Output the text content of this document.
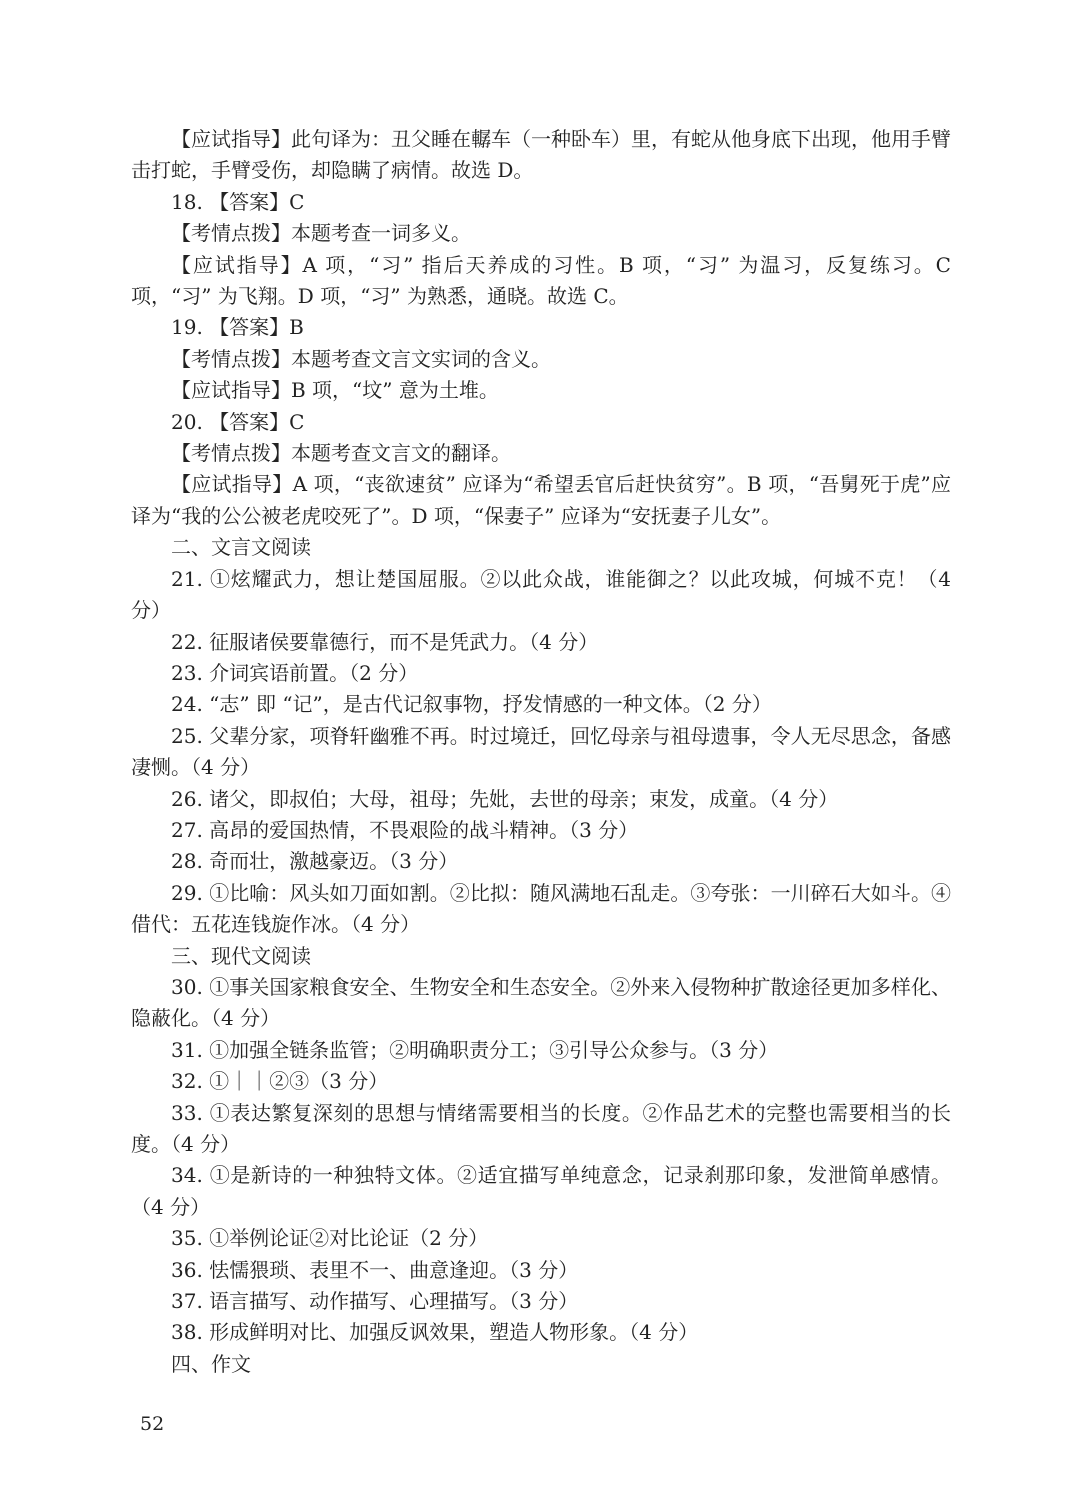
【应试指导】此句译为：丑父睡在轏车（一种卧车）里，有蛇从他身底下出现，他用手臂击打蛇，手臂受伤，却隐瞒了病情。故选 D。

18. 【答案】C

【考情点拨】本题考查一词多义。

【应试指导】A 项，“习” 指后天养成的习性。B 项，“习” 为温习，反复练习。C 项，“习” 为飞翔。D 项，“习” 为熟悉，通晓。故选 C。

19. 【答案】B

【考情点拨】本题考查文言文实词的含义。

【应试指导】B 项，“坟” 意为土堆。

20. 【答案】C

【考情点拨】本题考查文言文的翻译。

【应试指导】A 项，“丧欲速贫” 应译为“希望丢官后赶快贫穷”。B 项，“吾舅死于虎”应译为“我的公公被老虎咬死了”。D 项，“保妻子” 应译为“安抚妻子儿女”。

二、文言文阅读

21. ①炫耀武力，想让楚国屈服。②以此众战，谁能御之？以此攻城，何城不克！（4 分）

22. 征服诸侯要靠德行，而不是凭武力。（4 分）

23. 介词宾语前置。（2 分）

24. “志” 即 “记”，是古代记叙事物，抒发情感的一种文体。（2 分）

25. 父辈分家，项脊轩幽雅不再。时过境迁，回忆母亲与祖母遗事，令人无尽思念，备感凄恻。（4 分）

26. 诸父，即叔伯；大母，祖母；先妣，去世的母亲；束发，成童。（4 分）

27. 高昂的爱国热情，不畏艰险的战斗精神。（3 分）

28. 奇而壮，激越豪迈。（3 分）

29. ①比喻：风头如刀面如割。②比拟：随风满地石乱走。③夸张：一川碎石大如斗。④借代：五花连钱旋作冰。（4 分）

三、现代文阅读

30. ①事关国家粮食安全、生物安全和生态安全。②外来入侵物种扩散途径更加多样化、隐蔽化。（4 分）

31. ①加强全链条监管；②明确职责分工；③引导公众参与。（3 分）

32. ①｜｜②③（3 分）

33. ①表达繁复深刻的思想与情绪需要相当的长度。②作品艺术的完整也需要相当的长度。（4 分）

34. ①是新诗的一种独特文体。②适宜描写单纯意念，记录刹那印象，发泄简单感情。（4 分）

35. ①举例论证②对比论证（2 分）

36. 怯懦猥琐、表里不一、曲意逢迎。（3 分）

37. 语言描写、动作描写、心理描写。（3 分）

38. 形成鲜明对比、加强反讽效果，塑造人物形象。（4 分）

四、作文

52
